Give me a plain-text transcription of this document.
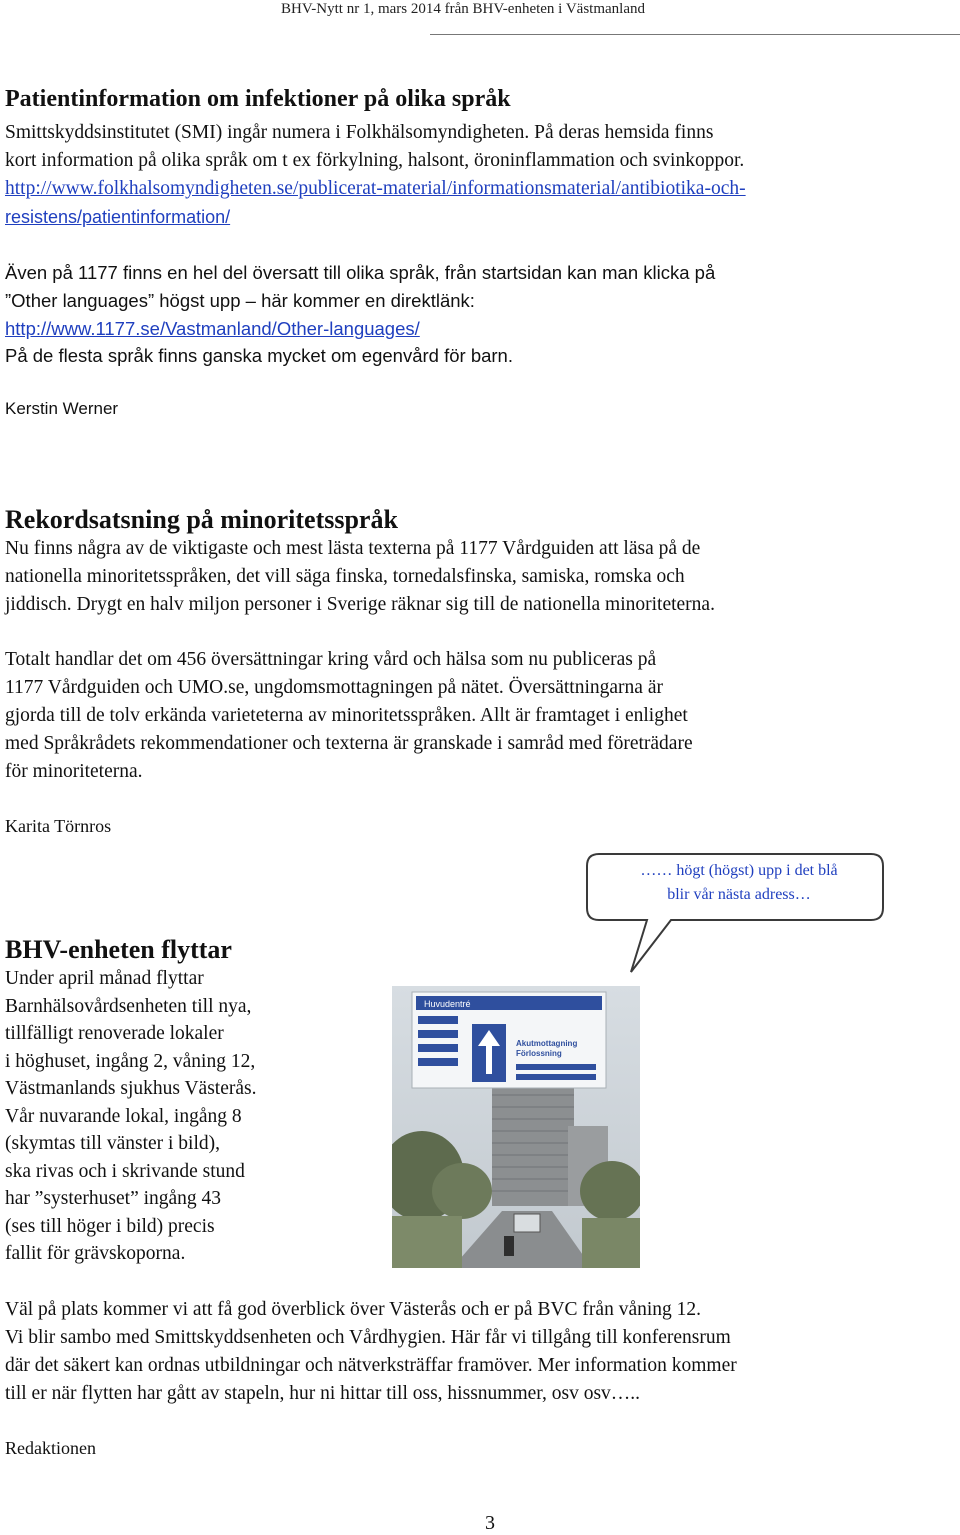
BHV-Nytt nr 1, mars 2014 från BHV-enheten i Västmanland
Patientinformation om infektioner på olika språk
Smittskyddsinstitutet (SMI) ingår numera i Folkhälsomyndigheten. På deras hemsida finns
kort information på olika språk om t ex förkylning, halsont, öroninflammation och svinkoppor.
http://www.folkhalsomyndigheten.se/publicerat-material/informationsmaterial/antibiotika-och-
resistens/patientinformation/
Även på 1177 finns en hel del översatt till olika språk, från startsidan kan man klicka på
”Other languages” högst upp – här kommer en direktlänk:
http://www.1177.se/Vastmanland/Other-languages/
På de flesta språk finns ganska mycket om egenvård för barn.
Kerstin Werner
Rekordsatsning på minoritetsspråk
Nu finns några av de viktigaste och mest lästa texterna på 1177 Vårdguiden att läsa på de
nationella minoritetsspråken, det vill säga finska, tornedalsfinska, samiska, romska och
jiddisch. Drygt en halv miljon personer i Sverige räknar sig till de nationella minoriteterna.
Totalt handlar det om 456 översättningar kring vård och hälsa som nu publiceras på
1177 Vårdguiden och UMO.se, ungdomsmottagningen på nätet. Översättningarna är
gjorda till de tolv erkända varieteterna av minoritetsspråken. Allt är framtaget i enlighet
med Språkrådets rekommendationer och texterna är granskade i samråd med företrädare
för minoriteterna.
Karita Törnros
…… högt (högst) upp i det blå
blir vår nästa adress…
BHV-enheten flyttar
Under april månad flyttar
Barnhälsovårdsenheten till nya,
tillfälligt renoverade lokaler
i höghuset, ingång 2, våning 12,
Västmanlands sjukhus Västerås.
Vår nuvarande lokal, ingång 8
(skymtas till vänster i bild),
ska rivas och i skrivande stund
har ”systerhuset” ingång 43
(ses till höger i bild) precis
fallit för grävskoporna.
Huvudentré
Akutmottagning
Förlossning
Väl på plats kommer vi att få god överblick över Västerås och er på BVC från våning 12.
Vi blir sambo med Smittskyddsenheten och Vårdhygien. Här får vi tillgång till konferensrum
där det säkert kan ordnas utbildningar och nätverksträffar framöver. Mer information kommer
till er när flytten har gått av stapeln, hur ni hittar till oss, hissnummer, osv osv…..
Redaktionen
3
